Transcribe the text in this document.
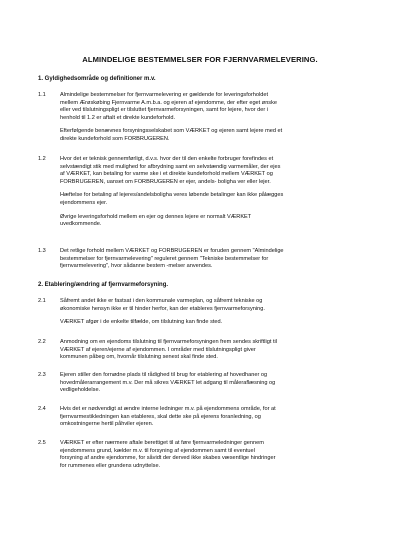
ALMINDELIGE BESTEMMELSER FOR FJERNVARMELEVERING.
1. Gyldighedsområde og definitioner m.v.
1.1	Almindelige bestemmelser for fjernvarmelevering er gældende for leveringsforholdet
mellem Ærøskøbing Fjernvarme A.m.b.a. og ejeren af ejendomme, der efter eget ønske
eller ved tilslutningspligt er tilsluttet fjernvarmeforsyningen, samt for lejere, hvor der i
henhold til 1.2 er aftalt et direkte kundeforhold.

Efterfølgende benævnes forsyningsselskabet som VÆRKET og ejeren samt lejere med et
direkte kundeforhold som FORBRUGEREN.

1.2	Hvor det er teknisk gennemførligt, d.v.s. hvor der til den enkelte forbruger forefindes et
selvstændigt stik med mulighed for afbrydning samt en selvstændig varmemåler, der ejes
af VÆRKET, kan betaling for varme ske i et direkte kundeforhold mellem VÆRKET og
FORBRUGEREN, uanset om FORBRUGEREN er ejer, andels- boligha ver eller lejer.

Hæftelse for betaling af lejeres/andelsboligha veres løbende betalinger kan ikke pålægges
ejendommens ejer.

Øvrige leveringsforhold mellem en ejer og dennes lejere er normalt VÆRKET
uvedkommende.

1.3	Det retlige forhold mellem VÆRKET og FORBRUGEREN er foruden gennem "Almindelige
bestemmelser for fjernvarmelevering" reguleret gennem "Tekniske bestemmelser for
fjernvarmelevering", hvor sådanne bestem -melser anvendes.

2. Etablering/ændring af fjernvarmeforsyning.
2.1	Såfremt andet ikke er fastsat i den kommunale varmeplan, og såfremt tekniske og
økonomiske hensyn ikke er til hinder herfor, kan der etableres fjernvarmeforsyning.

VÆRKET afgør i de enkelte tilfælde, om tilslutning kan finde sted.

2.2	Anmodning om en ejendoms tilslutning til fjernvarmeforsyningen frem sendes skriftligt til
VÆRKET af ejeren/ejerne af ejendommen. I områder med tilslutningspligt giver
kommunen påbeg om, hvornår tilslutning senest skal finde sted.

2.3	Ejeren stiller den fornødne plads til rådighed til brug for etablering af hovedhaner og
hovedmålerarrangement m.v. Der må sikres VÆRKET let adgang til måleraflæsning og
vedligeholdelse.

2.4	Hvis det er nødvendigt at ændre interne ledninger m.v. på ejendommens område, for at
fjernvarmestikledningen kan etableres, skal dette ske på ejerens foranledning, og
omkostningerne hertil påhviler ejeren.

2.5	VÆRKET er efter nærmere aftale berettiget til at føre fjernvarmeledninger gennem
ejendommens grund, kælder m.v. til forsyning af ejendommen samt til eventuel
forsyning af andre ejendomme, for såvidt der derved ikke skabes væsentlige hindringer
for rummenes eller grundens udnyttelse.
